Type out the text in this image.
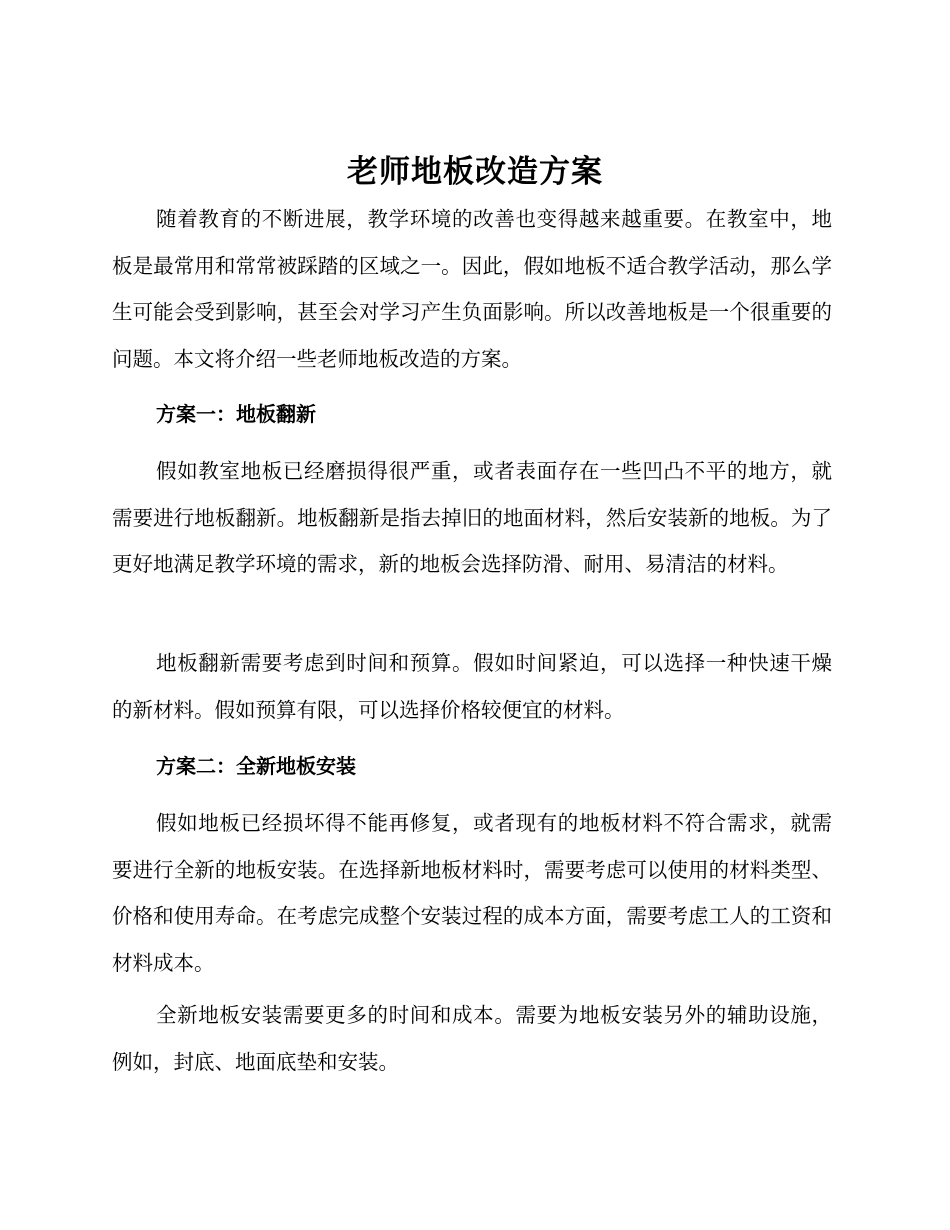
老师地板改造方案

随着教育的不断进展，教学环境的改善也变得越来越重要。在教室中，地板是最常用和常常被踩踏的区域之一。因此，假如地板不适合教学活动，那么学生可能会受到影响，甚至会对学习产生负面影响。所以改善地板是一个很重要的问题。本文将介绍一些老师地板改造的方案。

方案一：地板翻新

假如教室地板已经磨损得很严重，或者表面存在一些凹凸不平的地方，就需要进行地板翻新。地板翻新是指去掉旧的地面材料，然后安装新的地板。为了更好地满足教学环境的需求，新的地板会选择防滑、耐用、易清洁的材料。

地板翻新需要考虑到时间和预算。假如时间紧迫，可以选择一种快速干燥的新材料。假如预算有限，可以选择价格较便宜的材料。

方案二：全新地板安装

假如地板已经损坏得不能再修复，或者现有的地板材料不符合需求，就需要进行全新的地板安装。在选择新地板材料时，需要考虑可以使用的材料类型、价格和使用寿命。在考虑完成整个安装过程的成本方面，需要考虑工人的工资和材料成本。

全新地板安装需要更多的时间和成本。需要为地板安装另外的辅助设施，例如，封底、地面底垫和安装。
